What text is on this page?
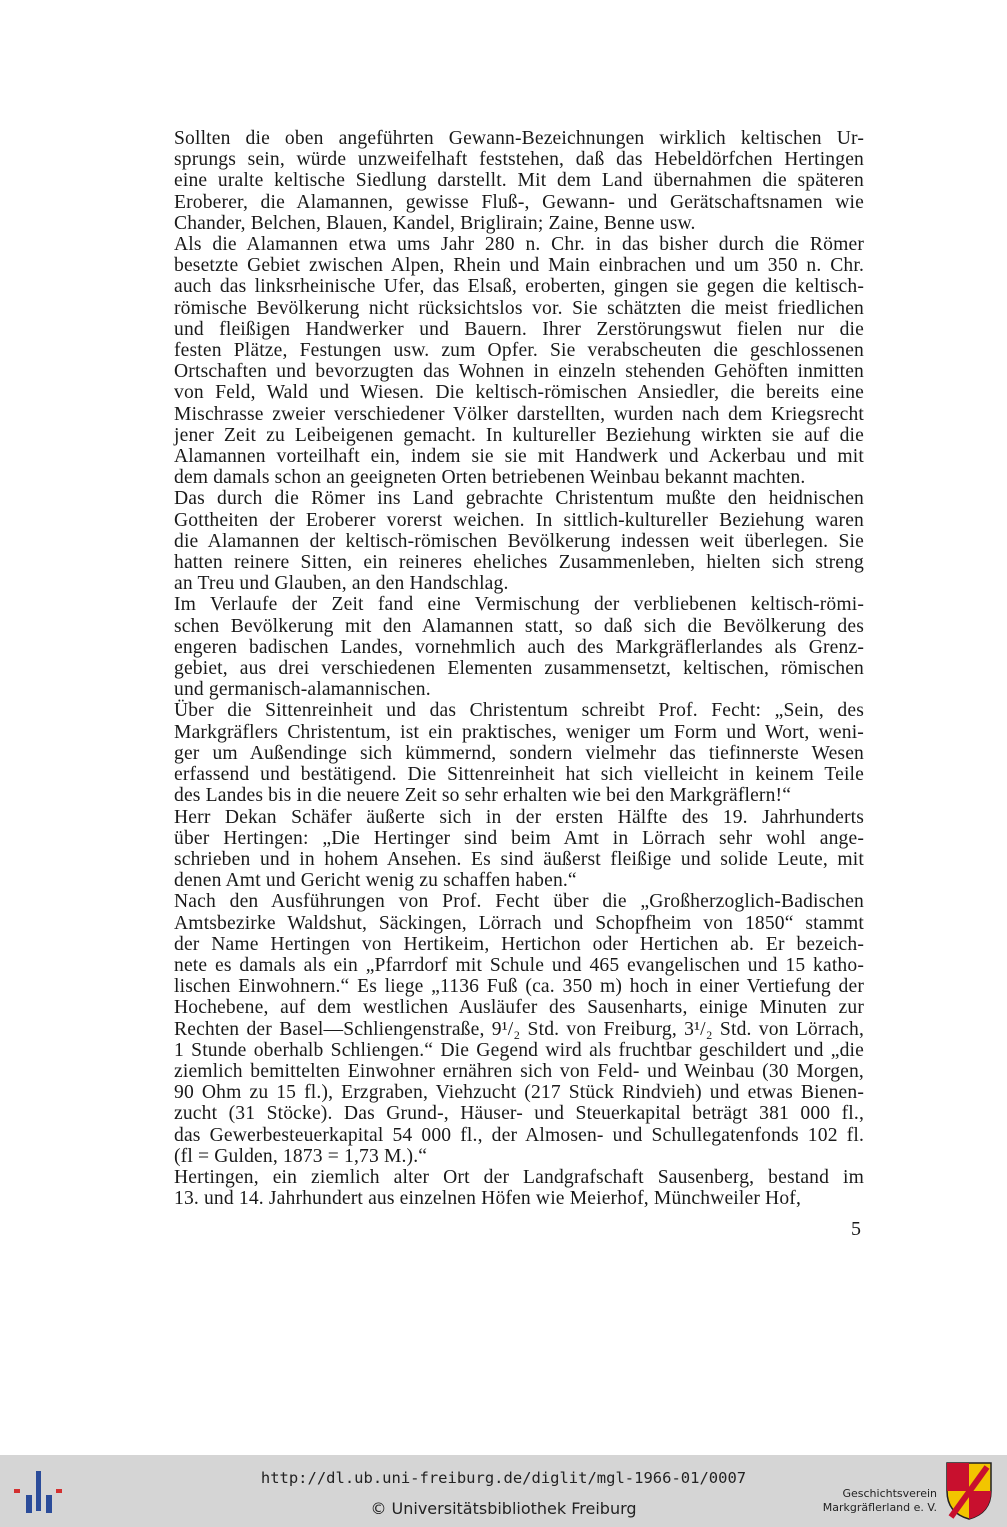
Sollten die oben angeführten Gewann-Bezeichnungen wirklich keltischen Ur-
sprungs sein, würde unzweifelhaft feststehen, daß das Hebeldörfchen Hertingen
eine uralte keltische Siedlung darstellt. Mit dem Land übernahmen die späteren
Eroberer, die Alamannen, gewisse Fluß-, Gewann- und Gerätschaftsnamen wie
Chander, Belchen, Blauen, Kandel, Briglirain; Zaine, Benne usw.

Als die Alamannen etwa ums Jahr 280 n. Chr. in das bisher durch die Römer
besetzte Gebiet zwischen Alpen, Rhein und Main einbrachen und um 350 n. Chr.
auch das linksrheinische Ufer, das Elsaß, eroberten, gingen sie gegen die keltisch-
römische Bevölkerung nicht rücksichtslos vor. Sie schätzten die meist friedlichen
und fleißigen Handwerker und Bauern. Ihrer Zerstörungswut fielen nur die
festen Plätze, Festungen usw. zum Opfer. Sie verabscheuten die geschlossenen
Ortschaften und bevorzugten das Wohnen in einzeln stehenden Gehöften inmitten
von Feld, Wald und Wiesen. Die keltisch-römischen Ansiedler, die bereits eine
Mischrasse zweier verschiedener Völker darstellten, wurden nach dem Kriegsrecht
jener Zeit zu Leibeigenen gemacht. In kultureller Beziehung wirkten sie auf die
Alamannen vorteilhaft ein, indem sie sie mit Handwerk und Ackerbau und mit
dem damals schon an geeigneten Orten betriebenen Weinbau bekannt machten.

Das durch die Römer ins Land gebrachte Christentum mußte den heidnischen
Gottheiten der Eroberer vorerst weichen. In sittlich-kultureller Beziehung waren
die Alamannen der keltisch-römischen Bevölkerung indessen weit überlegen. Sie
hatten reinere Sitten, ein reineres eheliches Zusammenleben, hielten sich streng
an Treu und Glauben, an den Handschlag.

Im Verlaufe der Zeit fand eine Vermischung der verbliebenen keltisch-römi-
schen Bevölkerung mit den Alamannen statt, so daß sich die Bevölkerung des
engeren badischen Landes, vornehmlich auch des Markgräflerlandes als Grenz-
gebiet, aus drei verschiedenen Elementen zusammensetzt, keltischen, römischen
und germanisch-alamannischen.

Über die Sittenreinheit und das Christentum schreibt Prof. Fecht: „Sein, des
Markgräflers Christentum, ist ein praktisches, weniger um Form und Wort, weni-
ger um Außendinge sich kümmernd, sondern vielmehr das tiefinnerste Wesen
erfassend und bestätigend. Die Sittenreinheit hat sich vielleicht in keinem Teile
des Landes bis in die neuere Zeit so sehr erhalten wie bei den Markgräflern!“

Herr Dekan Schäfer äußerte sich in der ersten Hälfte des 19. Jahrhunderts
über Hertingen: „Die Hertinger sind beim Amt in Lörrach sehr wohl ange-
schrieben und in hohem Ansehen. Es sind äußerst fleißige und solide Leute, mit
denen Amt und Gericht wenig zu schaffen haben.“

Nach den Ausführungen von Prof. Fecht über die „Großherzoglich-Badischen
Amtsbezirke Waldshut, Säckingen, Lörrach und Schopfheim von 1850“ stammt
der Name Hertingen von Hertikeim, Hertichon oder Hertichen ab. Er bezeich-
nete es damals als ein „Pfarrdorf mit Schule und 465 evangelischen und 15 katho-
lischen Einwohnern.“ Es liege „1136 Fuß (ca. 350 m) hoch in einer Vertiefung der
Hochebene, auf dem westlichen Ausläufer des Sausenharts, einige Minuten zur
Rechten der Basel—Schliengenstraße, 9¹/₂ Std. von Freiburg, 3¹/₂ Std. von Lörrach,
1 Stunde oberhalb Schliengen.“ Die Gegend wird als fruchtbar geschildert und „die
ziemlich bemittelten Einwohner ernähren sich von Feld- und Weinbau (30 Morgen,
90 Ohm zu 15 fl.), Erzgraben, Viehzucht (217 Stück Rindvieh) und etwas Bienen-
zucht (31 Stöcke). Das Grund-, Häuser- und Steuerkapital beträgt 381 000 fl.,
das Gewerbesteuerkapital 54 000 fl., der Almosen- und Schullegatenfonds 102 fl.
(fl = Gulden, 1873 = 1,73 M.).“

Hertingen, ein ziemlich alter Ort der Landgrafschaft Sausenberg, bestand im
13. und 14. Jahrhundert aus einzelnen Höfen wie Meierhof, Münchweiler Hof,

5
http://dl.ub.uni-freiburg.de/diglit/mgl-1966-01/0007
© Universitätsbibliothek Freiburg
Geschichtsverein
Markgräflerland e. V.
